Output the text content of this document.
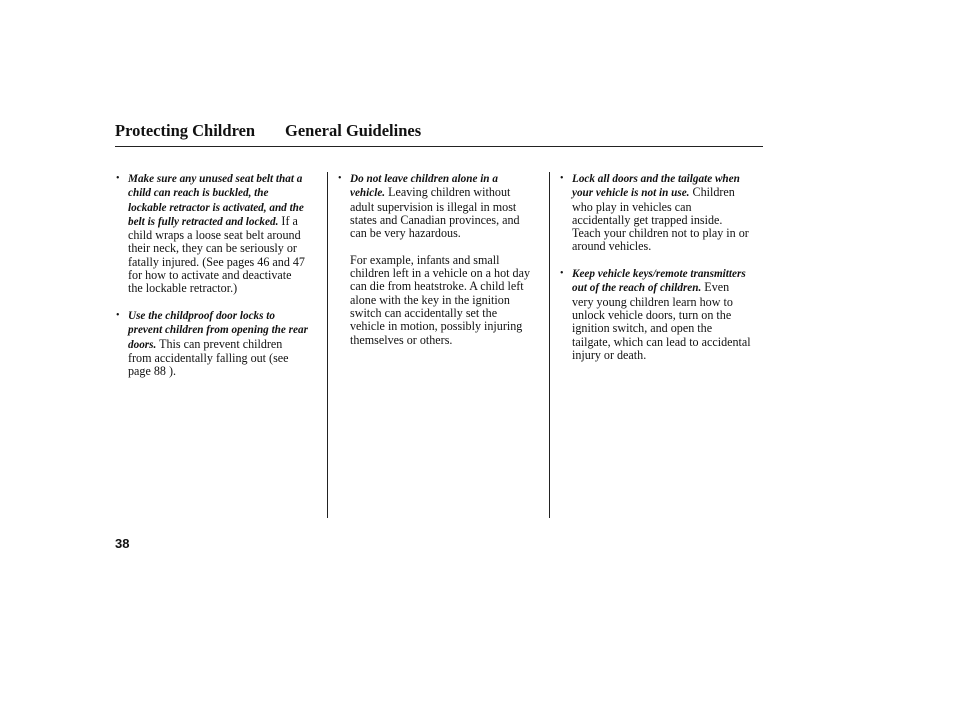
Protecting Children General Guidelines

• Make sure any unused seat belt that a child can reach is buckled, the lockable retractor is activated, and the belt is fully retracted and locked. If a child wraps a loose seat belt around their neck, they can be seriously or fatally injured. (See pages 46 and 47 for how to activate and deactivate the lockable retractor.)

• Use the childproof door locks to prevent children from opening the rear doors. This can prevent children from accidentally falling out (see page 88 ).

• Do not leave children alone in a vehicle. Leaving children without adult supervision is illegal in most states and Canadian provinces, and can be very hazardous.

For example, infants and small children left in a vehicle on a hot day can die from heatstroke. A child left alone with the key in the ignition switch can accidentally set the vehicle in motion, possibly injuring themselves or others.

• Lock all doors and the tailgate when your vehicle is not in use. Children who play in vehicles can accidentally get trapped inside. Teach your children not to play in or around vehicles.

• Keep vehicle keys/remote transmitters out of the reach of children. Even very young children learn how to unlock vehicle doors, turn on the ignition switch, and open the tailgate, which can lead to accidental injury or death.

38
